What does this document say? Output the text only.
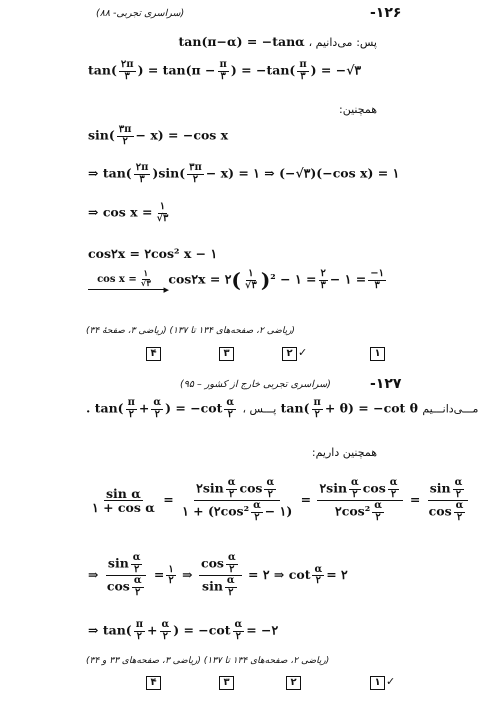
-۱۲۶
(سراسری تجربی- ۸۸)
tan(π−α) = −tanα ، پس: می‌دانیم
$\tan( \frac{۲\pi}{۳}$ ) = $\tan(\pi - \frac{\pi}{۳}$ ) = $-\tan( \frac{\pi}{۳}$ ) = −√۳
همچنین:
$\sin( \frac{۳\pi}{۲} - x) = -\cos$ x
⇒ $\tan( \frac{۲\pi}{۳} )\sin( \frac{۳\pi}{۲} - x)$ = ۱ ⇒ (−√۳)(−cos x) = ۱
⇒ $\cos x = \frac{۱}{√۳}$
cos۲x = ۲cos² x − ۱
$\cos x = \frac{۱}{√۳}$
▸
cos۲x = ۲( $\frac{۱}{√۳} )^2$ − ۱ = $\frac{۲}{۳}$ − ۱ = $\frac{-۱}{۳}$
(ریاضی ۲، صفحه‌های ۱۳۴ تا ۱۳۷) (ریاضی ۳، صفحهٔ ۳۴)
۴	۳	۲ ✓	۱
-۱۲۷
(سراسری تجربی خارج از کشور – ۹۵)
. $\tan( \frac{\pi}{۲} + \frac{\alpha}{۲}$ ) = $-\cot \frac{\alpha}{۲}$ ، پـــس $\tan( \frac{\pi}{۲} + \theta) = -\cot$ θ مـــی‌دانـــیم
همچنین داریم:
$\frac{\text{sin α}}{\text{۱ + cos α}} = \frac{۲\sin \frac{\alpha}{۲} \cos \frac{\alpha}{۲}}{۱ + (۲\cos^2 \frac{\alpha}{۲} - ۱)} = \frac{۲\sin \frac{\alpha}{۲} \cos \frac{\alpha}{۲}}{۲\cos^2 \frac{\alpha}{۲}} = \frac{\sin \frac{\alpha}{۲}}{\cos \frac{\alpha}{۲}}$
⇒ $\frac{\sin \frac{\alpha}{۲}}{\cos \frac{\alpha}{۲}} = \frac{۱}{۲}$ ⇒ $\frac{\cos \frac{\alpha}{۲}}{\sin \frac{\alpha}{۲}}$ = ۲ ⇒ $\cot \frac{\alpha}{۲}$ = ۲
⇒ $\tan( \frac{\pi}{۲} + \frac{\alpha}{۲}$ ) = $-\cot \frac{\alpha}{۲}$ = −۲
(ریاضی ۲، صفحه‌های ۱۳۴ تا ۱۳۷) (ریاضی ۳، صفحه‌های ۳۳ و ۳۴)
۴	۳	۲	۱ ✓
